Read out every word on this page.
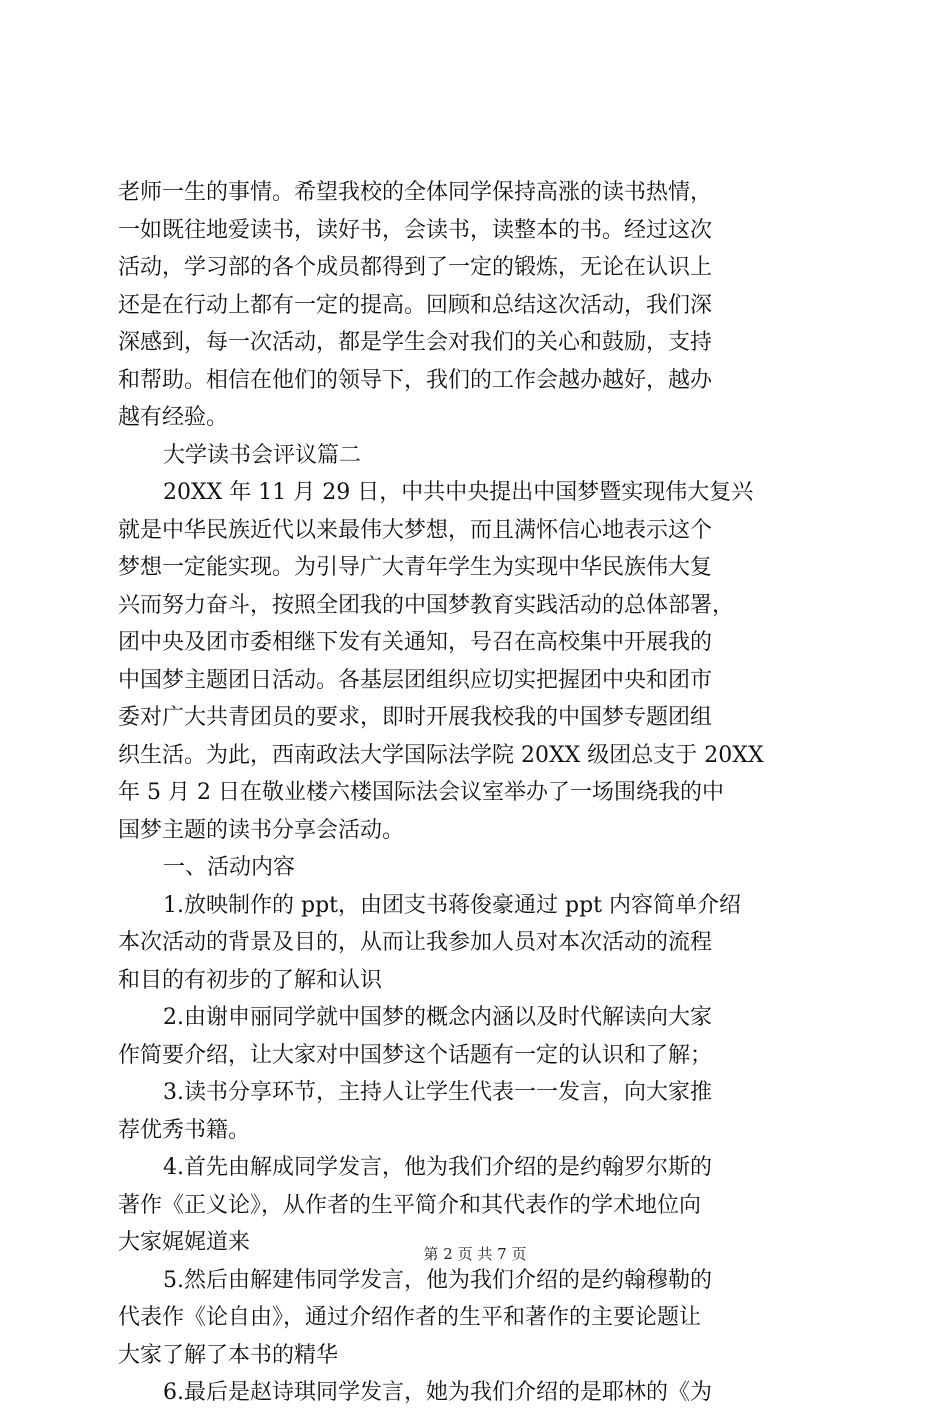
老师一生的事情。希望我校的全体同学保持高涨的读书热情，
一如既往地爱读书，读好书，会读书，读整本的书。经过这次
活动，学习部的各个成员都得到了一定的锻炼，无论在认识上
还是在行动上都有一定的提高。回顾和总结这次活动，我们深
深感到，每一次活动，都是学生会对我们的关心和鼓励，支持
和帮助。相信在他们的领导下，我们的工作会越办越好，越办
越有经验。
大学读书会评议篇二
20XX 年 11 月 29 日，中共中央提出中国梦暨实现伟大复兴
就是中华民族近代以来最伟大梦想，而且满怀信心地表示这个
梦想一定能实现。为引导广大青年学生为实现中华民族伟大复
兴而努力奋斗，按照全团我的中国梦教育实践活动的总体部署，
团中央及团市委相继下发有关通知，号召在高校集中开展我的
中国梦主题团日活动。各基层团组织应切实把握团中央和团市
委对广大共青团员的要求，即时开展我校我的中国梦专题团组
织生活。为此，西南政法大学国际法学院 20XX 级团总支于 20XX
年 5 月 2 日在敬业楼六楼国际法会议室举办了一场围绕我的中
国梦主题的读书分享会活动。
一、活动内容
1.放映制作的 ppt，由团支书蒋俊豪通过 ppt 内容简单介绍
本次活动的背景及目的，从而让我参加人员对本次活动的流程
和目的有初步的了解和认识
2.由谢申丽同学就中国梦的概念内涵以及时代解读向大家
作简要介绍，让大家对中国梦这个话题有一定的认识和了解；
3.读书分享环节，主持人让学生代表一一发言，向大家推
荐优秀书籍。
4.首先由解成同学发言，他为我们介绍的是约翰罗尔斯的
著作《正义论》，从作者的生平简介和其代表作的学术地位向
大家娓娓道来
5.然后由解建伟同学发言，他为我们介绍的是约翰穆勒的
代表作《论自由》，通过介绍作者的生平和著作的主要论题让
大家了解了本书的精华
6.最后是赵诗琪同学发言，她为我们介绍的是耶林的《为
第 2 页 共 7 页
